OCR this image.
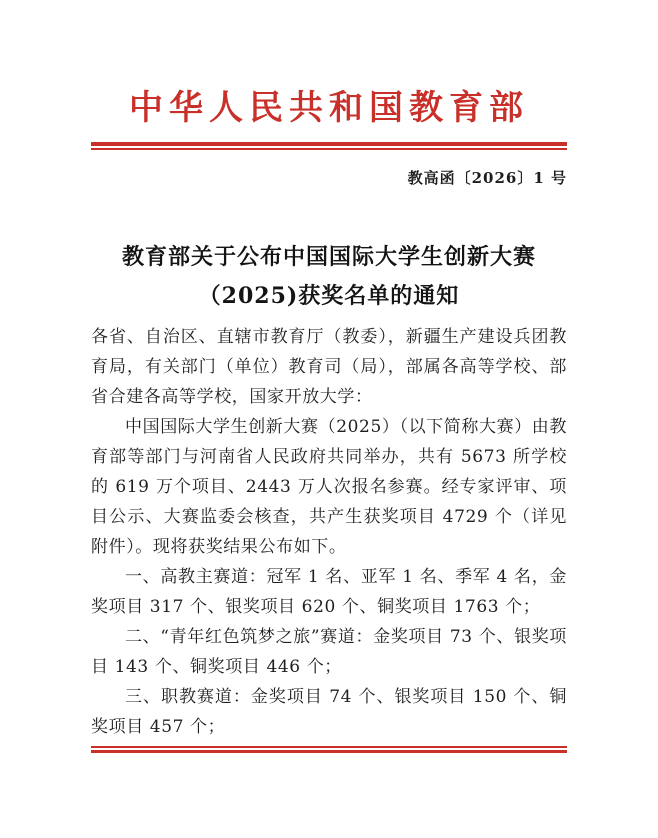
中华人民共和国教育部
教高函〔2026〕1 号
教育部关于公布中国国际大学生创新大赛
（2025)获奖名单的通知

各省、自治区、直辖市教育厅（教委），新疆生产建设兵团教育局，有关部门（单位）教育司（局），部属各高等学校、部省合建各高等学校，国家开放大学：

中国国际大学生创新大赛（2025）（以下简称大赛）由教育部等部门与河南省人民政府共同举办，共有 5673 所学校的 619 万个项目、2443 万人次报名参赛。经专家评审、项目公示、大赛监委会核查，共产生获奖项目 4729 个（详见附件）。现将获奖结果公布如下。

一、高教主赛道：冠军 1 名、亚军 1 名、季军 4 名，金奖项目 317 个、银奖项目 620 个、铜奖项目 1763 个；

二、“青年红色筑梦之旅”赛道：金奖项目 73 个、银奖项目 143 个、铜奖项目 446 个；

三、职教赛道：金奖项目 74 个、银奖项目 150 个、铜奖项目 457 个；
